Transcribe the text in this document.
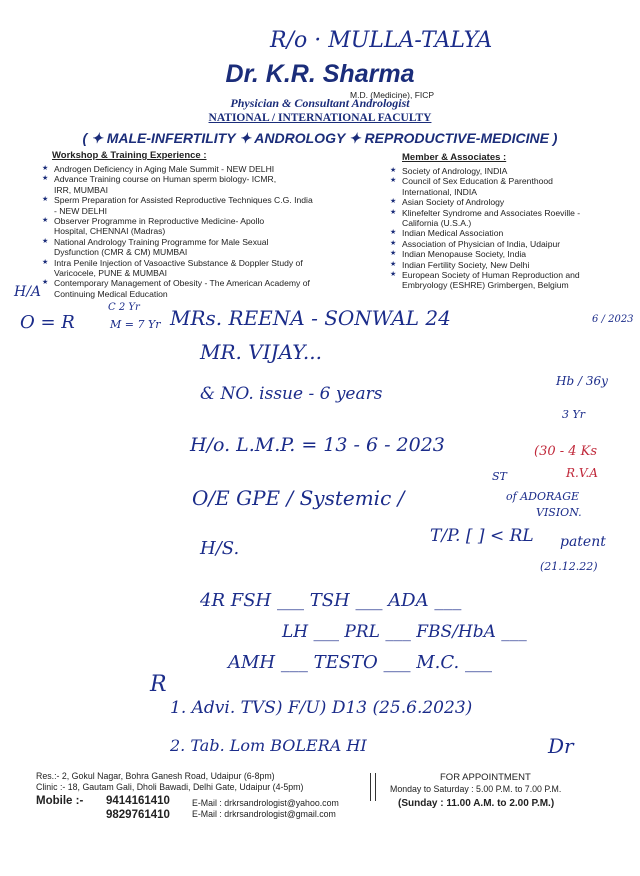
R/o · MULLA-TALYA
Dr. K.R. Sharma
M.D. (Medicine), FICP
Physician & Consultant Andrologist
NATIONAL / INTERNATIONAL FACULTY
( ✦ MALE-INFERTILITY ✦ ANDROLOGY ✦ REPRODUCTIVE-MEDICINE )
Workshop & Training Experience :
★ Androgen Deficiency in Aging Male Summit - NEW DELHI
★ Advance Training course on Human sperm biology- ICMR, IRR, MUMBAI
★ Sperm Preparation for Assisted Reproductive Techniques C.G. India - NEW DELHI
★ Observer Programme in Reproductive Medicine- Apollo Hospital, CHENNAI (Madras)
★ National Andrology Training Programme for Male Sexual Dysfunction (CMR & CM) MUMBAI
★ Intra Penile Injection of Vasoactive Substance & Doppler Study of Varicocele, PUNE & MUMBAI
★ Contemporary Management of Obesity - The American Academy of Continuing Medical Education
Member & Associates :
★ Society of Andrology, INDIA
★ Council of Sex Education & Parenthood International, INDIA
★ Asian Society of Andrology
★ Klinefelter Syndrome and Associates Roeville - California (U.S.A.)
★ Indian Medical Association
★ Association of Physician of India, Udaipur
★ Indian Menopause Society, India
★ Indian Fertility Society, New Delhi
★ European Society of Human Reproduction and Embryology (ESHRE) Grimbergen, Belgium
H/A
O = R
C 2 Yr
M = 7 Yr MRs. REENA - SONWAL 24	6 / 2023
MR. VIJAY...
& NO. issue - 6 years
Hb / 36y
3 Yr
H/o. L.M.P. = 13 - 6 - 2023	(30 - 4 Ks
R.V.A
O/E GPE / Systemic /
ST
of ADORAGE
VISION.
H/S.
T/P. [ ] < RL patent
(21.12.22)
4R FSH ___ TSH ___ ADA ___
LH ___ PRL ___ FBS/HbA ___
AMH ___ TESTO ___ M.C. ___
R
1. Advi. TVS) F/U) D13 (25.6.2023)
2. Tab. Lom BOLERA HI	Dr
Res.:- 2, Gokul Nagar, Bohra Ganesh Road, Udaipur (6-8pm)
Clinic :- 18, Gautam Gali, Dholi Bawadi, Delhi Gate, Udaipur (4-5pm)
Mobile :- 9414161410
9829761410
E-Mail : drkrsandrologist@yahoo.com
E-Mail : drkrsandrologist@gmail.com
FOR APPOINTMENT
Monday to Saturday : 5.00 P.M. to 7.00 P.M.
(Sunday : 11.00 A.M. to 2.00 P.M.)
